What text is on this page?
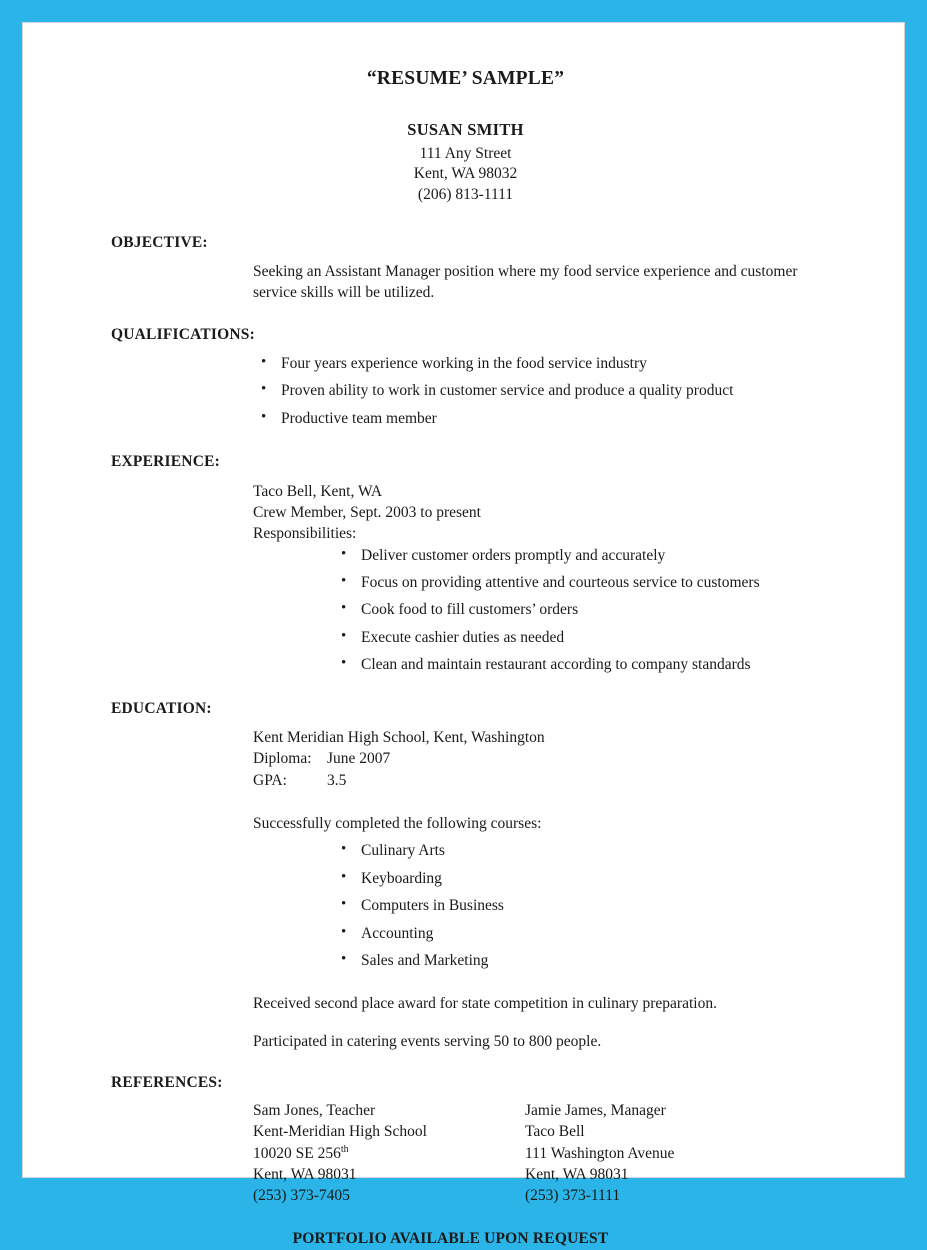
“RESUME’ SAMPLE”
SUSAN SMITH
111 Any Street
Kent, WA 98032
(206) 813-1111
OBJECTIVE:
Seeking an Assistant Manager position where my food service experience and customer service skills will be utilized.
QUALIFICATIONS:
• Four years experience working in the food service industry
• Proven ability to work in customer service and produce a quality product
• Productive team member
EXPERIENCE:
Taco Bell, Kent, WA
Crew Member, Sept. 2003 to present
Responsibilities:
• Deliver customer orders promptly and accurately
• Focus on providing attentive and courteous service to customers
• Cook food to fill customers’ orders
• Execute cashier duties as needed
• Clean and maintain restaurant according to company standards
EDUCATION:
Kent Meridian High School, Kent, Washington
Diploma: June 2007
GPA:	3.5
Successfully completed the following courses:
• Culinary Arts
• Keyboarding
• Computers in Business
• Accounting
• Sales and Marketing
Received second place award for state competition in culinary preparation.
Participated in catering events serving 50 to 800 people.
REFERENCES:
Sam Jones, Teacher
Kent-Meridian High School
10020 SE 256th
Kent, WA 98031
(253) 373-7405
Jamie James, Manager
Taco Bell
111 Washington Avenue
Kent, WA 98031
(253) 373-1111
PORTFOLIO AVAILABLE UPON REQUEST
